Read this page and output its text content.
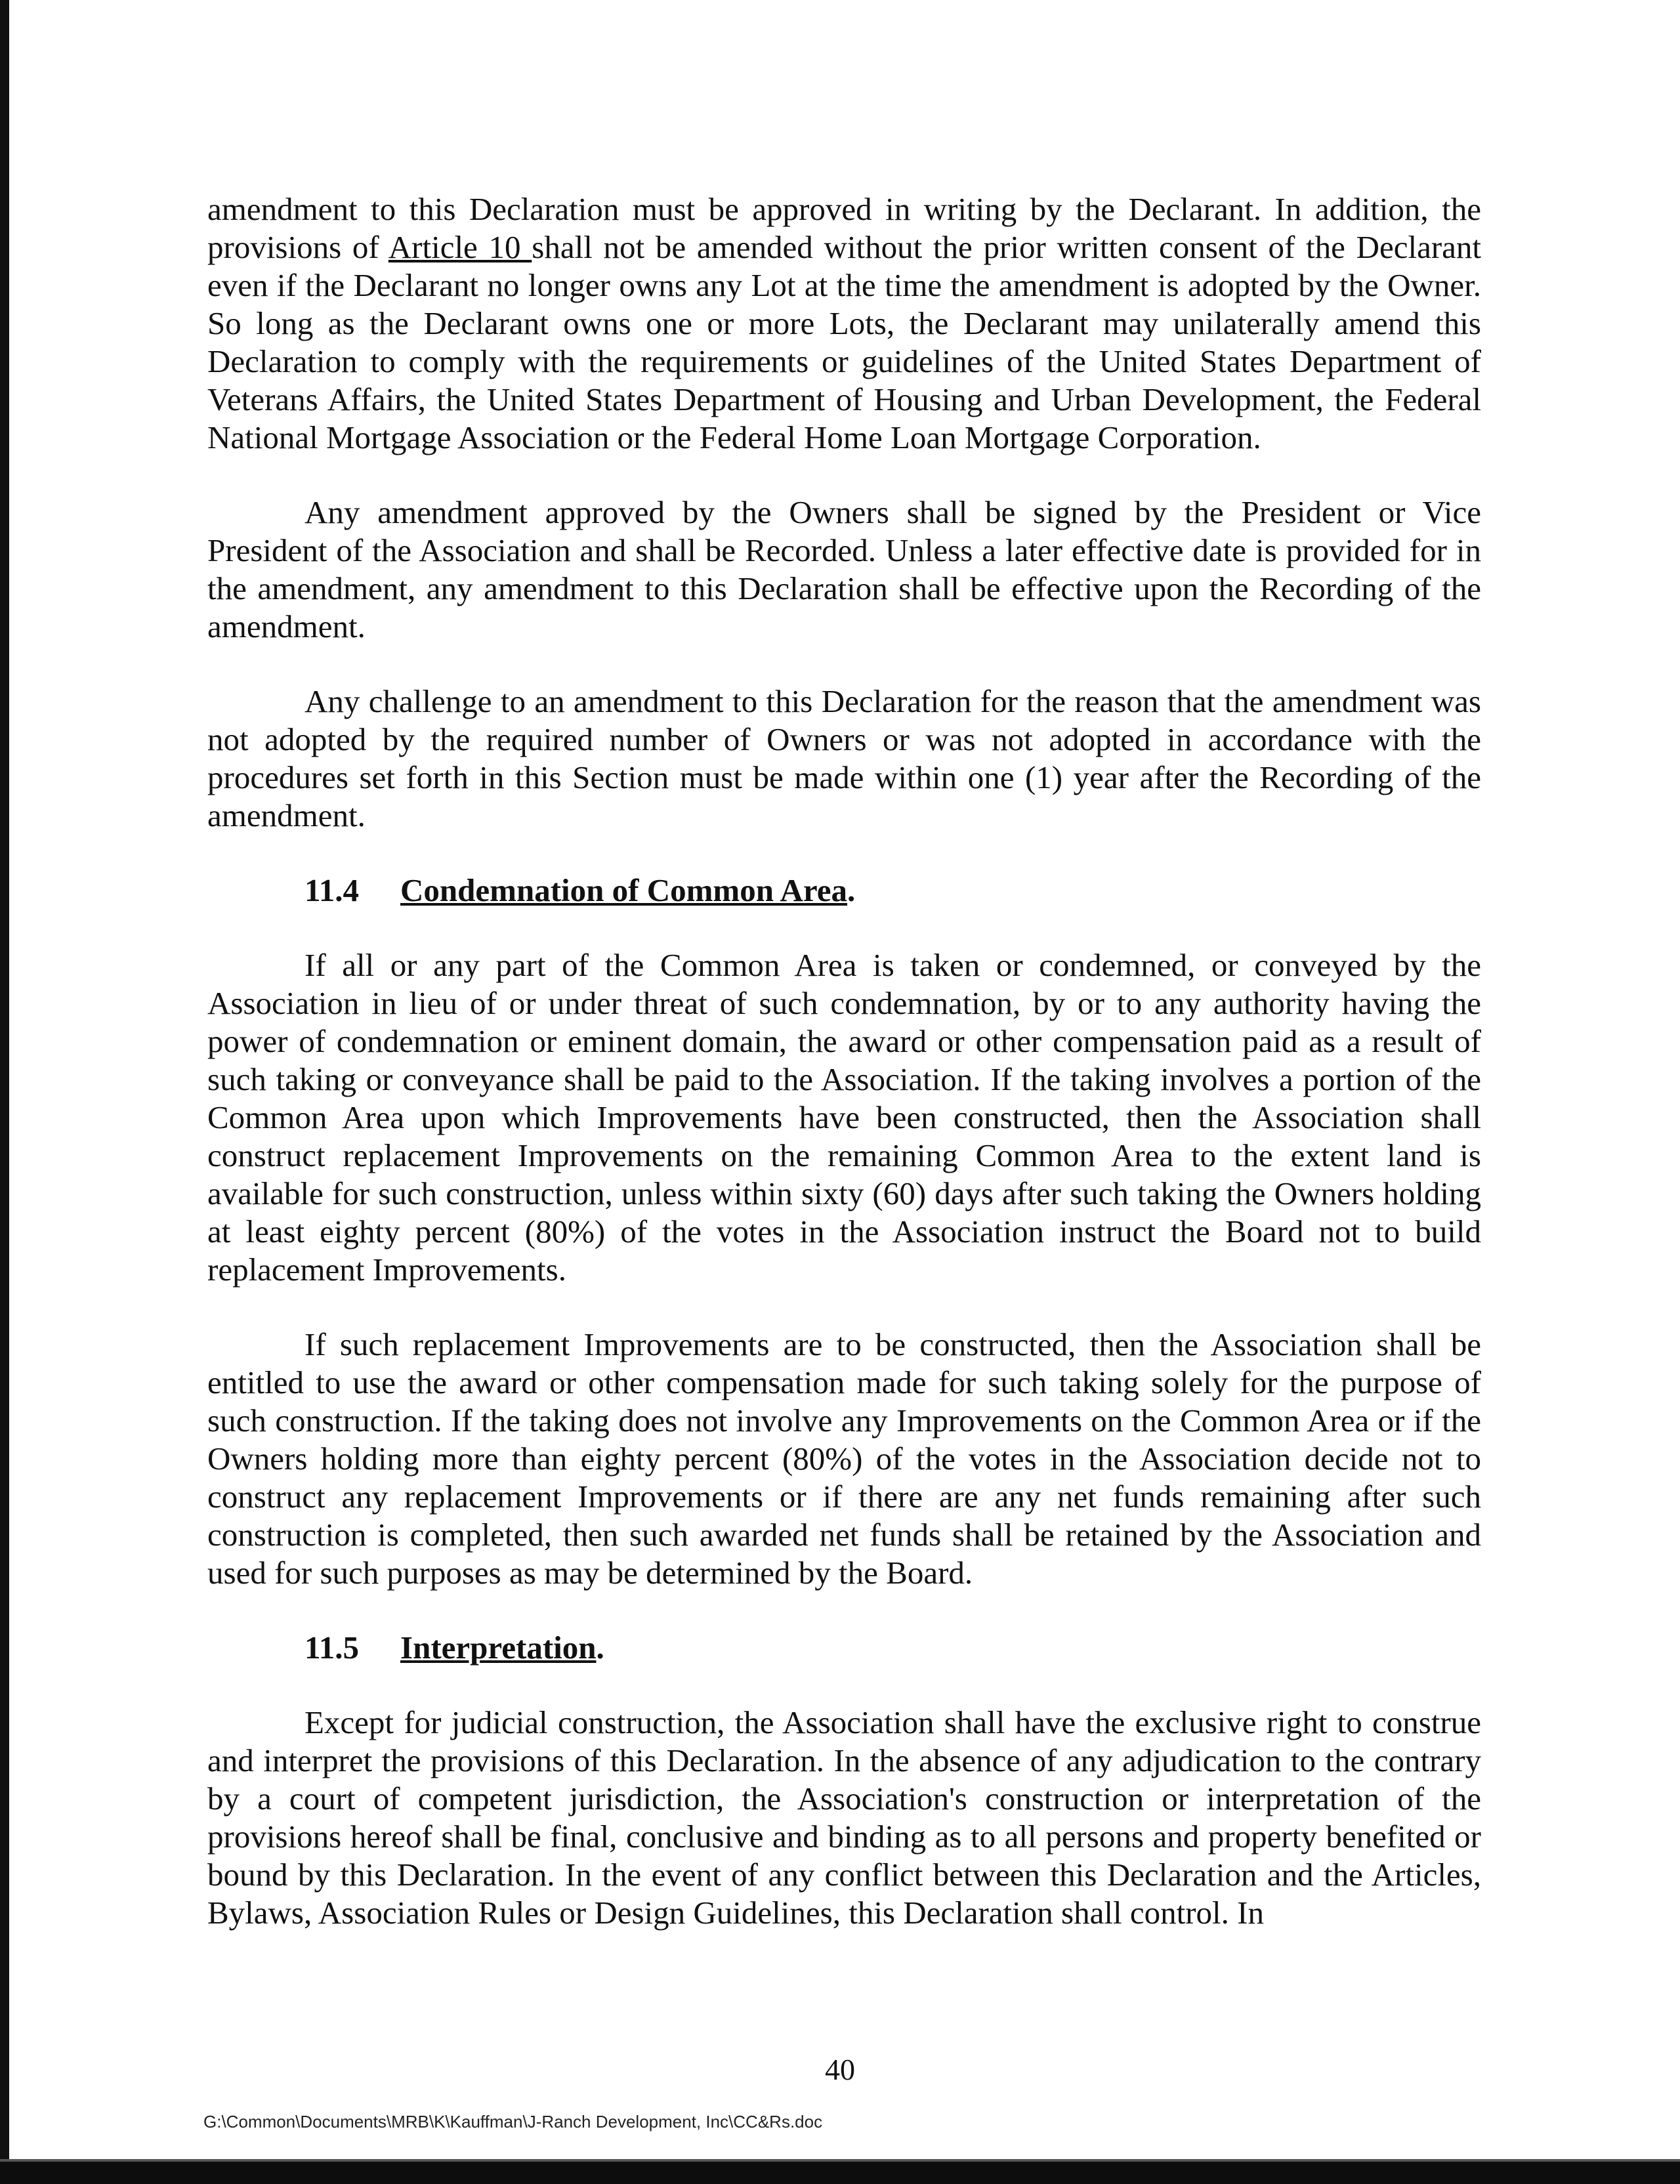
amendment to this Declaration must be approved in writing by the Declarant. In addition, the provisions of Article 10 shall not be amended without the prior written consent of the Declarant even if the Declarant no longer owns any Lot at the time the amendment is adopted by the Owner. So long as the Declarant owns one or more Lots, the Declarant may unilaterally amend this Declaration to comply with the requirements or guidelines of the United States Department of Veterans Affairs, the United States Department of Housing and Urban Development, the Federal National Mortgage Association or the Federal Home Loan Mortgage Corporation.

Any amendment approved by the Owners shall be signed by the President or Vice President of the Association and shall be Recorded. Unless a later effective date is provided for in the amendment, any amendment to this Declaration shall be effective upon the Recording of the amendment.

Any challenge to an amendment to this Declaration for the reason that the amendment was not adopted by the required number of Owners or was not adopted in accordance with the procedures set forth in this Section must be made within one (1) year after the Recording of the amendment.

11.4 Condemnation of Common Area.

If all or any part of the Common Area is taken or condemned, or conveyed by the Association in lieu of or under threat of such condemnation, by or to any authority having the power of condemnation or eminent domain, the award or other compensation paid as a result of such taking or conveyance shall be paid to the Association. If the taking involves a portion of the Common Area upon which Improvements have been constructed, then the Association shall construct replacement Improvements on the remaining Common Area to the extent land is available for such construction, unless within sixty (60) days after such taking the Owners holding at least eighty percent (80%) of the votes in the Association instruct the Board not to build replacement Improvements.

If such replacement Improvements are to be constructed, then the Association shall be entitled to use the award or other compensation made for such taking solely for the purpose of such construction. If the taking does not involve any Improvements on the Common Area or if the Owners holding more than eighty percent (80%) of the votes in the Association decide not to construct any replacement Improvements or if there are any net funds remaining after such construction is completed, then such awarded net funds shall be retained by the Association and used for such purposes as may be determined by the Board.

11.5 Interpretation.

Except for judicial construction, the Association shall have the exclusive right to construe and interpret the provisions of this Declaration. In the absence of any adjudication to the contrary by a court of competent jurisdiction, the Association's construction or interpretation of the provisions hereof shall be final, conclusive and binding as to all persons and property benefited or bound by this Declaration. In the event of any conflict between this Declaration and the Articles, Bylaws, Association Rules or Design Guidelines, this Declaration shall control. In

40
G:\Common\Documents\MRB\K\Kauffman\J-Ranch Development, Inc\CC&Rs.doc
